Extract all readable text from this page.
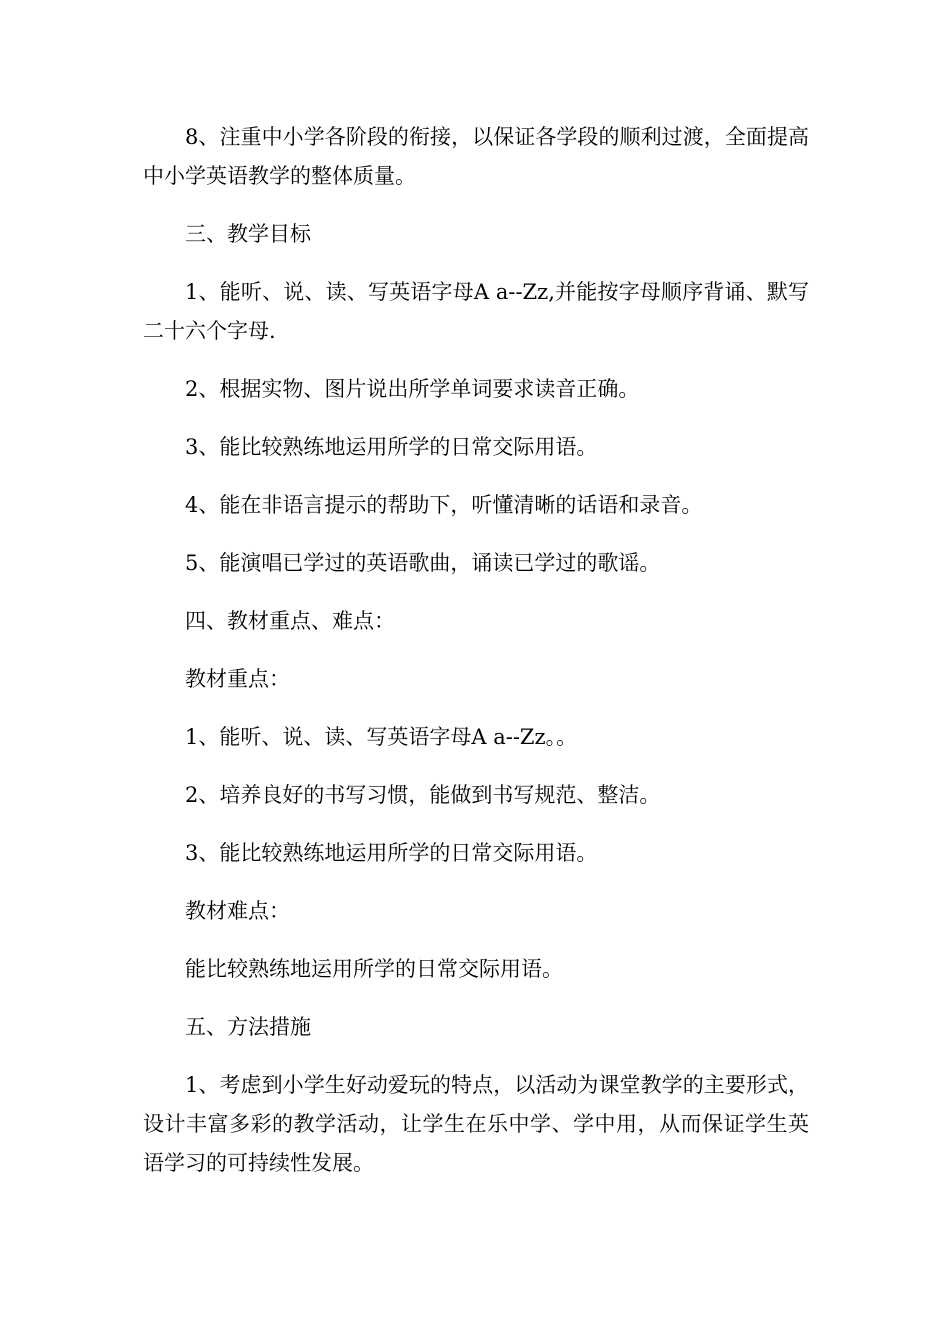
8、注重中小学各阶段的衔接，以保证各学段的顺利过渡，全面提高中小学英语教学的整体质量。

三、教学目标

1、能听、说、读、写英语字母A a--Zz,并能按字母顺序背诵、默写二十六个字母.

2、根据实物、图片说出所学单词要求读音正确。

3、能比较熟练地运用所学的日常交际用语。

4、能在非语言提示的帮助下，听懂清晰的话语和录音。

5、能演唱已学过的英语歌曲，诵读已学过的歌谣。

四、教材重点、难点：

教材重点：

1、能听、说、读、写英语字母A a--Zz。。

2、培养良好的书写习惯，能做到书写规范、整洁。

3、能比较熟练地运用所学的日常交际用语。

教材难点：

能比较熟练地运用所学的日常交际用语。

五、方法措施

1、考虑到小学生好动爱玩的特点，以活动为课堂教学的主要形式，设计丰富多彩的教学活动，让学生在乐中学、学中用，从而保证学生英语学习的可持续性发展。
